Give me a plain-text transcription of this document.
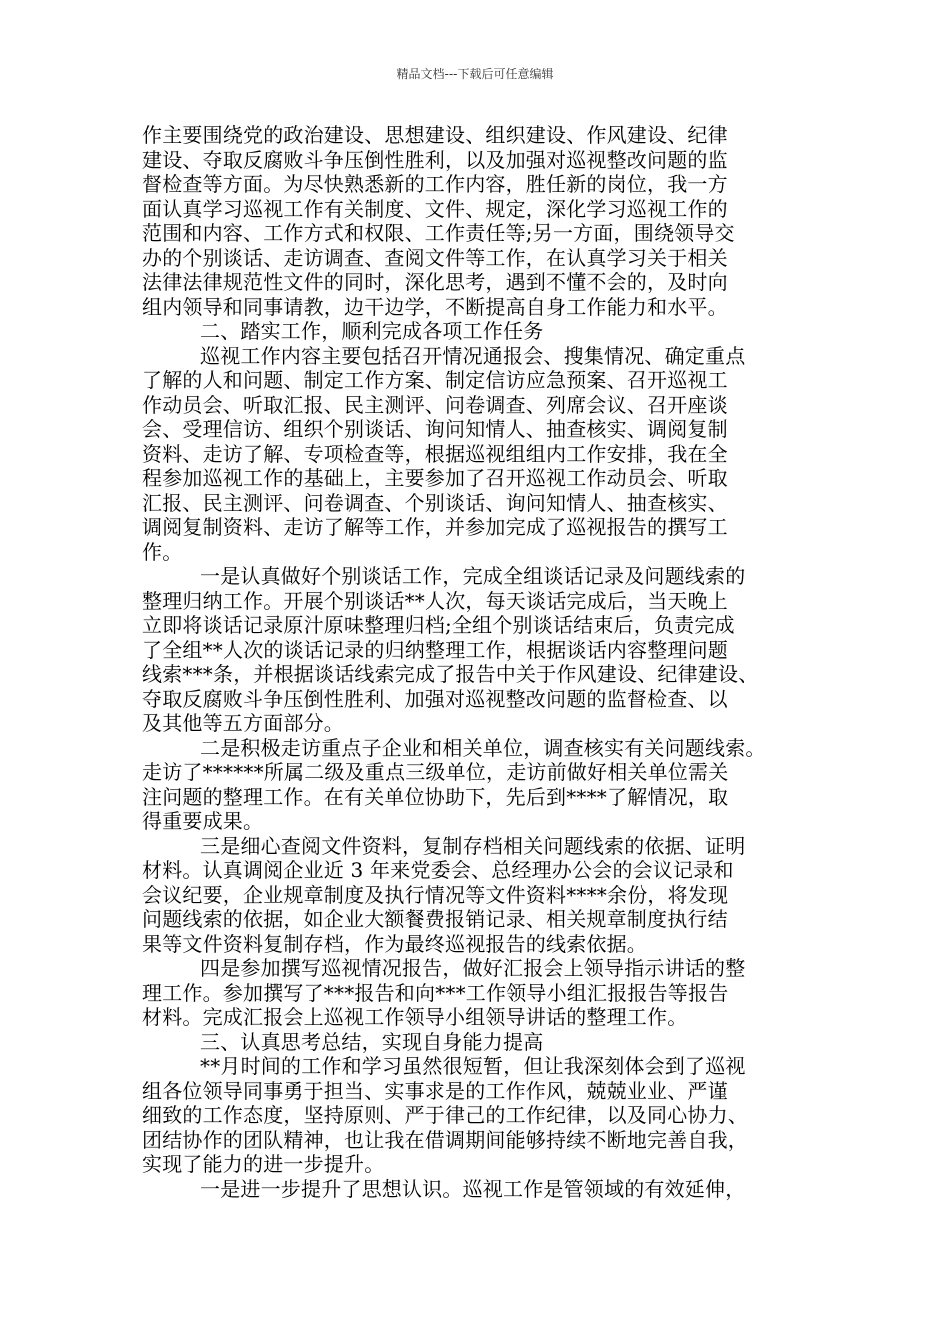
精品文档---下载后可任意编辑
作主要围绕党的政治建设、思想建设、组织建设、作风建设、纪律
建设、夺取反腐败斗争压倒性胜利，以及加强对巡视整改问题的监
督检查等方面。为尽快熟悉新的工作内容，胜任新的岗位，我一方
面认真学习巡视工作有关制度、文件、规定，深化学习巡视工作的
范围和内容、工作方式和权限、工作责任等;另一方面，围绕领导交
办的个别谈话、走访调查、查阅文件等工作，在认真学习关于相关
法律法律规范性文件的同时，深化思考，遇到不懂不会的，及时向
组内领导和同事请教，边干边学，不断提高自身工作能力和水平。
二、踏实工作，顺利完成各项工作任务
巡视工作内容主要包括召开情况通报会、搜集情况、确定重点
了解的人和问题、制定工作方案、制定信访应急预案、召开巡视工
作动员会、听取汇报、民主测评、问卷调查、列席会议、召开座谈
会、受理信访、组织个别谈话、询问知情人、抽查核实、调阅复制
资料、走访了解、专项检查等，根据巡视组组内工作安排，我在全
程参加巡视工作的基础上，主要参加了召开巡视工作动员会、听取
汇报、民主测评、问卷调查、个别谈话、询问知情人、抽查核实、
调阅复制资料、走访了解等工作，并参加完成了巡视报告的撰写工
作。
一是认真做好个别谈话工作，完成全组谈话记录及问题线索的
整理归纳工作。开展个别谈话**人次，每天谈话完成后，当天晚上
立即将谈话记录原汁原味整理归档;全组个别谈话结束后，负责完成
了全组**人次的谈话记录的归纳整理工作，根据谈话内容整理问题
线索***条，并根据谈话线索完成了报告中关于作风建设、纪律建设、
夺取反腐败斗争压倒性胜利、加强对巡视整改问题的监督检查、以
及其他等五方面部分。
二是积极走访重点子企业和相关单位，调查核实有关问题线索。
走访了******所属二级及重点三级单位，走访前做好相关单位需关
注问题的整理工作。在有关单位协助下，先后到****了解情况，取
得重要成果。
三是细心查阅文件资料，复制存档相关问题线索的依据、证明
材料。认真调阅企业近 3 年来党委会、总经理办公会的会议记录和
会议纪要，企业规章制度及执行情况等文件资料****余份，将发现
问题线索的依据，如企业大额餐费报销记录、相关规章制度执行结
果等文件资料复制存档，作为最终巡视报告的线索依据。
四是参加撰写巡视情况报告，做好汇报会上领导指示讲话的整
理工作。参加撰写了***报告和向***工作领导小组汇报报告等报告
材料。完成汇报会上巡视工作领导小组领导讲话的整理工作。
三、认真思考总结，实现自身能力提高
**月时间的工作和学习虽然很短暂，但让我深刻体会到了巡视
组各位领导同事勇于担当、实事求是的工作作风，兢兢业业、严谨
细致的工作态度，坚持原则、严于律己的工作纪律，以及同心协力、
团结协作的团队精神，也让我在借调期间能够持续不断地完善自我，
实现了能力的进一步提升。
一是进一步提升了思想认识。巡视工作是管领域的有效延伸，
